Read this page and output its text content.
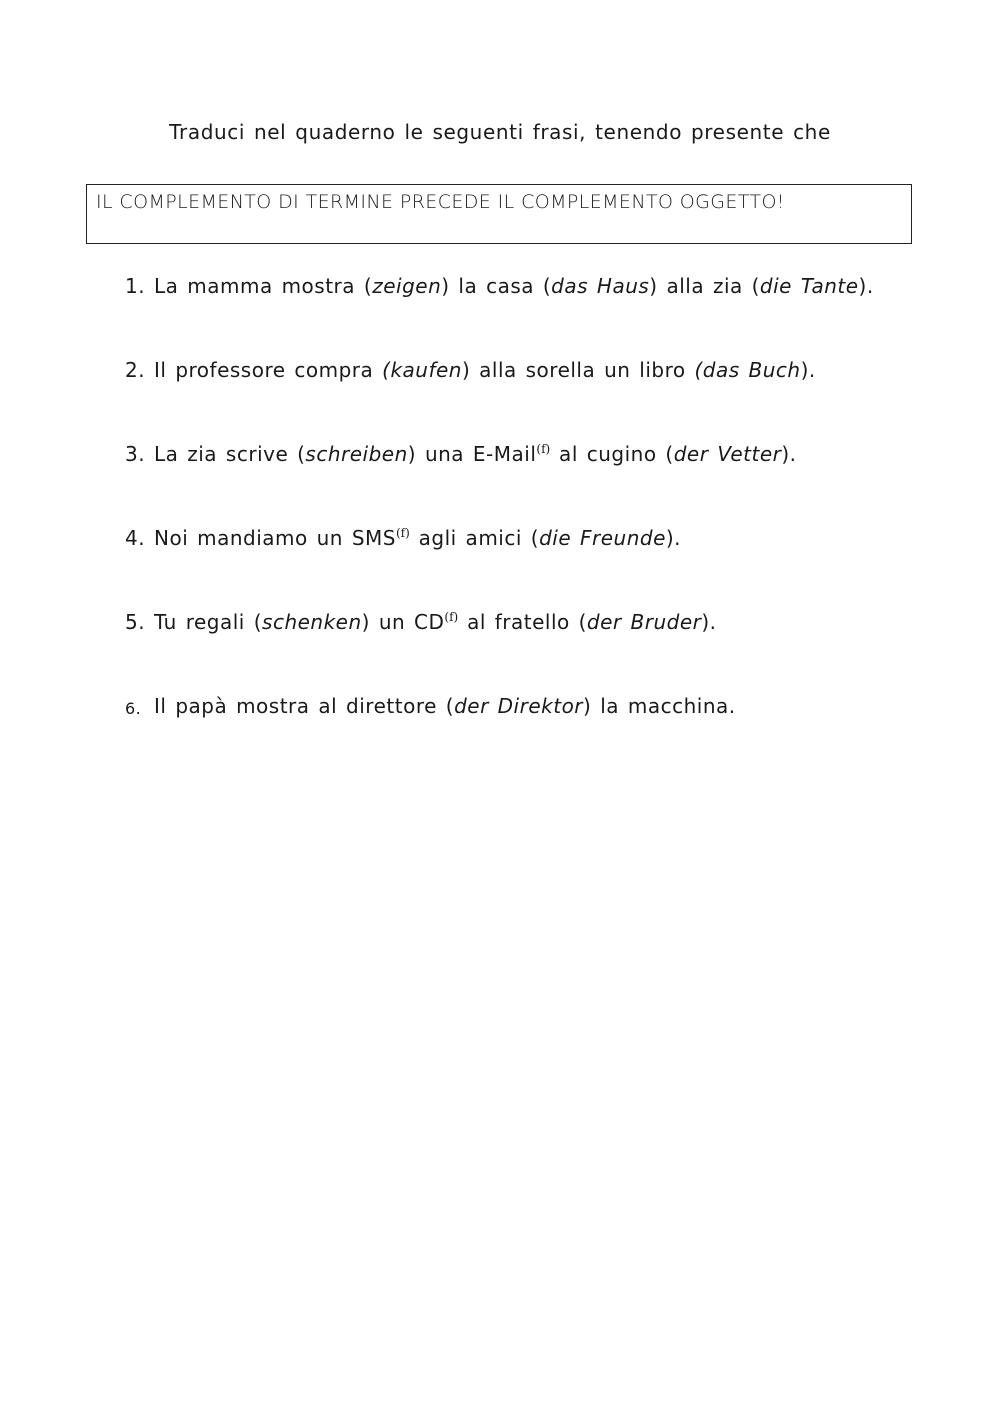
Traduci nel quaderno le seguenti frasi, tenendo presente che
IL COMPLEMENTO DI TERMINE PRECEDE IL COMPLEMENTO OGGETTO!
1. La mamma mostra (zeigen) la casa (das Haus) alla zia (die Tante).
2. Il professore compra (kaufen) alla sorella un libro (das Buch).
3. La zia scrive (schreiben) una E-Mail$^{(f)}$ al cugino (der Vetter).
4. Noi mandiamo un SMS$^{(f)}$ agli amici (die Freunde).
5. Tu regali (schenken) un CD$^{(f)}$ al fratello (der Bruder).
6. Il papà mostra al direttore (der Direktor) la macchina.
